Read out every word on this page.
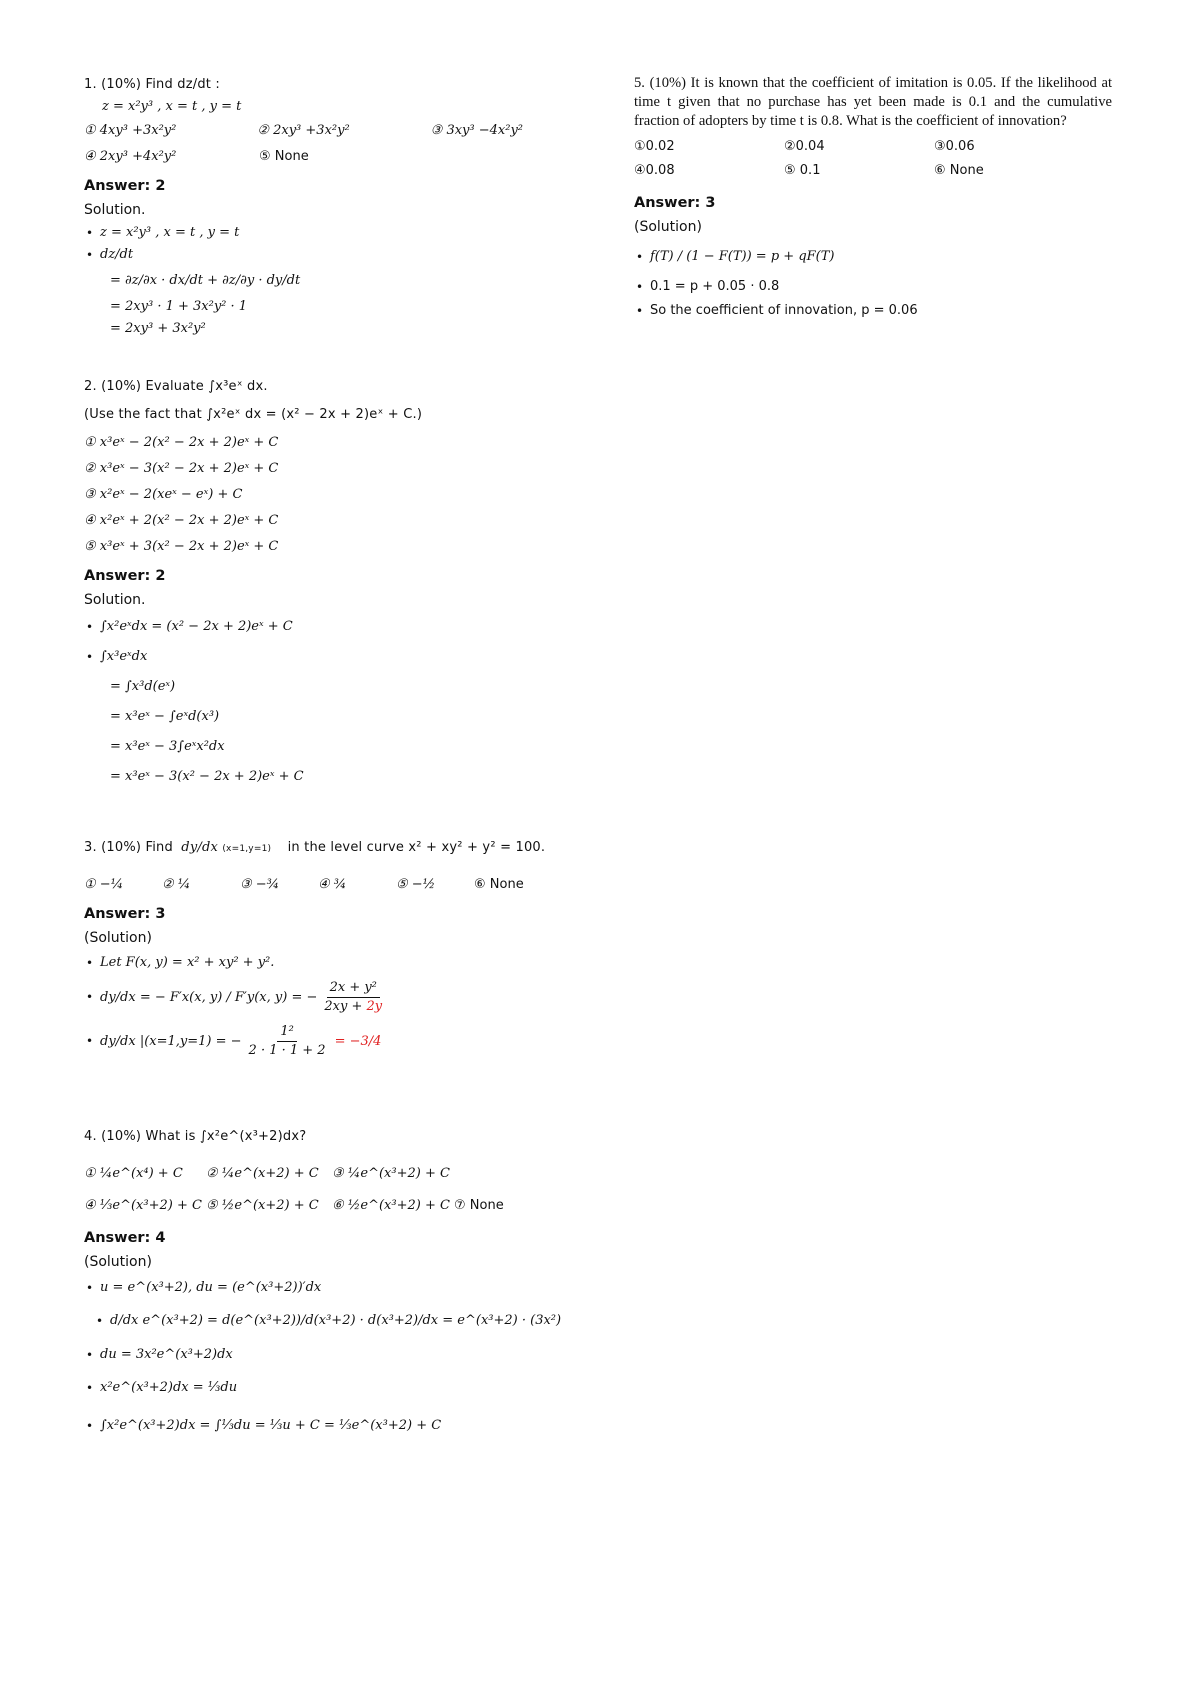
1. (10%) Find dz/dt :
z = x²y³ , x = t , y = t
① 4xy³ +3x²y²	② 2xy³ +3x²y²	③ 3xy³ −4x²y²
④ 2xy³ +4x²y²	⑤ None
Answer: 2
Solution.
• z = x²y³ , x = t , y = t
• dz/dt
= ∂z/∂x · dx/dt + ∂z/∂y · dy/dt
= 2xy³ · 1 + 3x²y² · 1
= 2xy³ + 3x²y²
2. (10%) Evaluate ∫x³eˣ dx.
(Use the fact that ∫x²eˣ dx = (x² − 2x + 2)eˣ + C.)
① x³eˣ − 2(x² − 2x + 2)eˣ + C
② x³eˣ − 3(x² − 2x + 2)eˣ + C
③ x²eˣ − 2(xeˣ − eˣ) + C
④ x²eˣ + 2(x² − 2x + 2)eˣ + C
⑤ x³eˣ + 3(x² − 2x + 2)eˣ + C
Answer: 2
Solution.
• ∫x²eˣdx = (x² − 2x + 2)eˣ + C
• ∫x³eˣdx
= ∫x³d(eˣ)
= x³eˣ − ∫eˣd(x³)
= x³eˣ − 3∫eˣx²dx
= x³eˣ − 3(x² − 2x + 2)eˣ + C
3. (10%) Find dy/dx (x=1,y=1) in the level curve x² + xy² + y² = 100.
① −¼	② ¼	③ −¾	④ ¾	⑤ −½	⑥ None
Answer: 3
(Solution)
• Let F(x, y) = x² + xy² + y².
• dy/dx = − F′x(x, y) / F′y(x, y) = − $\frac{\text{2x + y²}}{2xy + 2y}$
• dy/dx |(x=1,y=1) = − $\frac{\text{1²}}{2 \cdot 1 \cdot 1 + 2} = -3/4$
4. (10%) What is ∫x²e^(x³+2)dx?
① ¼e^(x⁴) + C	② ¼e^(x+2) + C	③ ¼e^(x³+2) + C
④ ⅓e^(x³+2) + C ⑤ ½e^(x+2) + C	⑥ ½e^(x³+2) + C ⑦ None
Answer: 4
(Solution)
• u = e^(x³+2), du = (e^(x³+2))′dx
• d/dx e^(x³+2) = d(e^(x³+2))/d(x³+2) · d(x³+2)/dx = e^(x³+2) · (3x²)
• du = 3x²e^(x³+2)dx
• x²e^(x³+2)dx = ⅓du
• ∫x²e^(x³+2)dx = ∫⅓du = ⅓u + C = ⅓e^(x³+2) + C

5. (10%) It is known that the coefficient of imitation is 0.05. If the likelihood at time t given that no purchase has yet been made is 0.1 and the cumulative fraction of adopters by time t is 0.8. What is the coefficient of innovation?

①0.02	②0.04	③0.06
④0.08	⑤ 0.1	⑥ None
Answer: 3
(Solution)
• f(T) / (1 − F(T)) = p + qF(T)
• 0.1 = p + 0.05 · 0.8
• So the coefficient of innovation, p = 0.06
